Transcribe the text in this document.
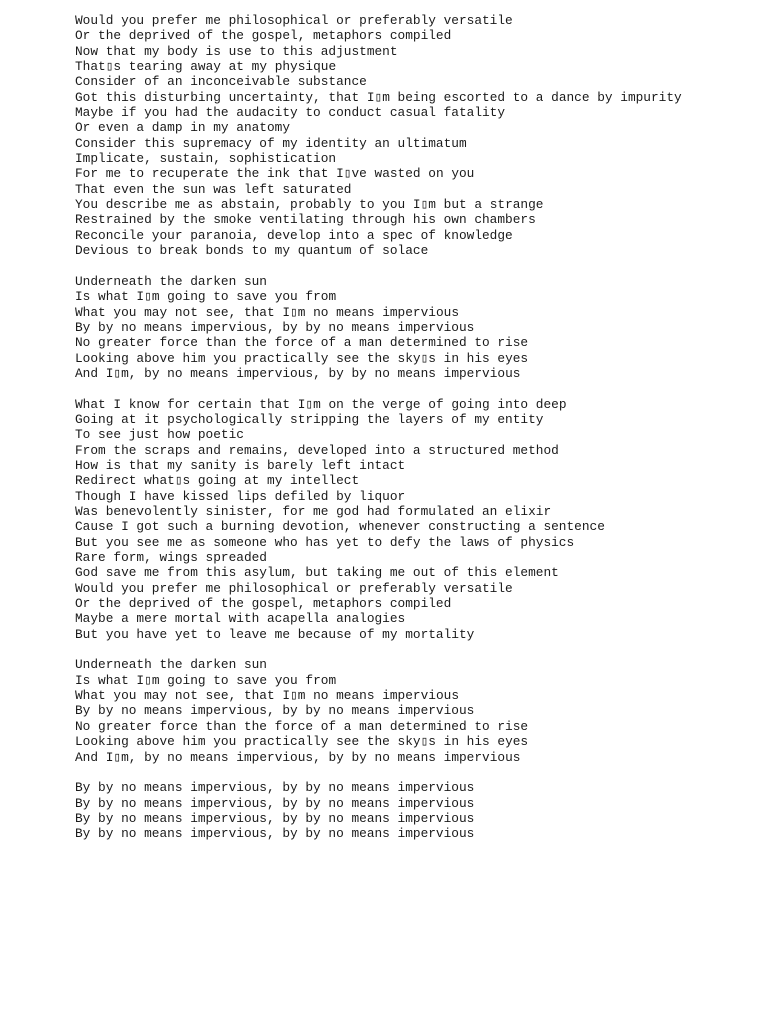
Would you prefer me philosophical or preferably versatile
Or the deprived of the gospel, metaphors compiled
Now that my body is use to this adjustment
That▯s tearing away at my physique
Consider of an inconceivable substance
Got this disturbing uncertainty, that I▯m being escorted to a dance by impurity
Maybe if you had the audacity to conduct casual fatality
Or even a damp in my anatomy
Consider this supremacy of my identity an ultimatum
Implicate, sustain, sophistication
For me to recuperate the ink that I▯ve wasted on you
That even the sun was left saturated
You describe me as abstain, probably to you I▯m but a strange
Restrained by the smoke ventilating through his own chambers
Reconcile your paranoia, develop into a spec of knowledge
Devious to break bonds to my quantum of solace
Underneath the darken sun
Is what I▯m going to save you from
What you may not see, that I▯m no means impervious
By by no means impervious, by by no means impervious
No greater force than the force of a man determined to rise
Looking above him you practically see the sky▯s in his eyes
And I▯m, by no means impervious, by by no means impervious
What I know for certain that I▯m on the verge of going into deep
Going at it psychologically stripping the layers of my entity
To see just how poetic
From the scraps and remains, developed into a structured method
How is that my sanity is barely left intact
Redirect what▯s going at my intellect
Though I have kissed lips defiled by liquor
Was benevolently sinister, for me god had formulated an elixir
Cause I got such a burning devotion, whenever constructing a sentence
But you see me as someone who has yet to defy the laws of physics
Rare form, wings spreaded
God save me from this asylum, but taking me out of this element
Would you prefer me philosophical or preferably versatile
Or the deprived of the gospel, metaphors compiled
Maybe a mere mortal with acapella analogies
But you have yet to leave me because of my mortality
Underneath the darken sun
Is what I▯m going to save you from
What you may not see, that I▯m no means impervious
By by no means impervious, by by no means impervious
No greater force than the force of a man determined to rise
Looking above him you practically see the sky▯s in his eyes
And I▯m, by no means impervious, by by no means impervious
By by no means impervious, by by no means impervious
By by no means impervious, by by no means impervious
By by no means impervious, by by no means impervious
By by no means impervious, by by no means impervious
